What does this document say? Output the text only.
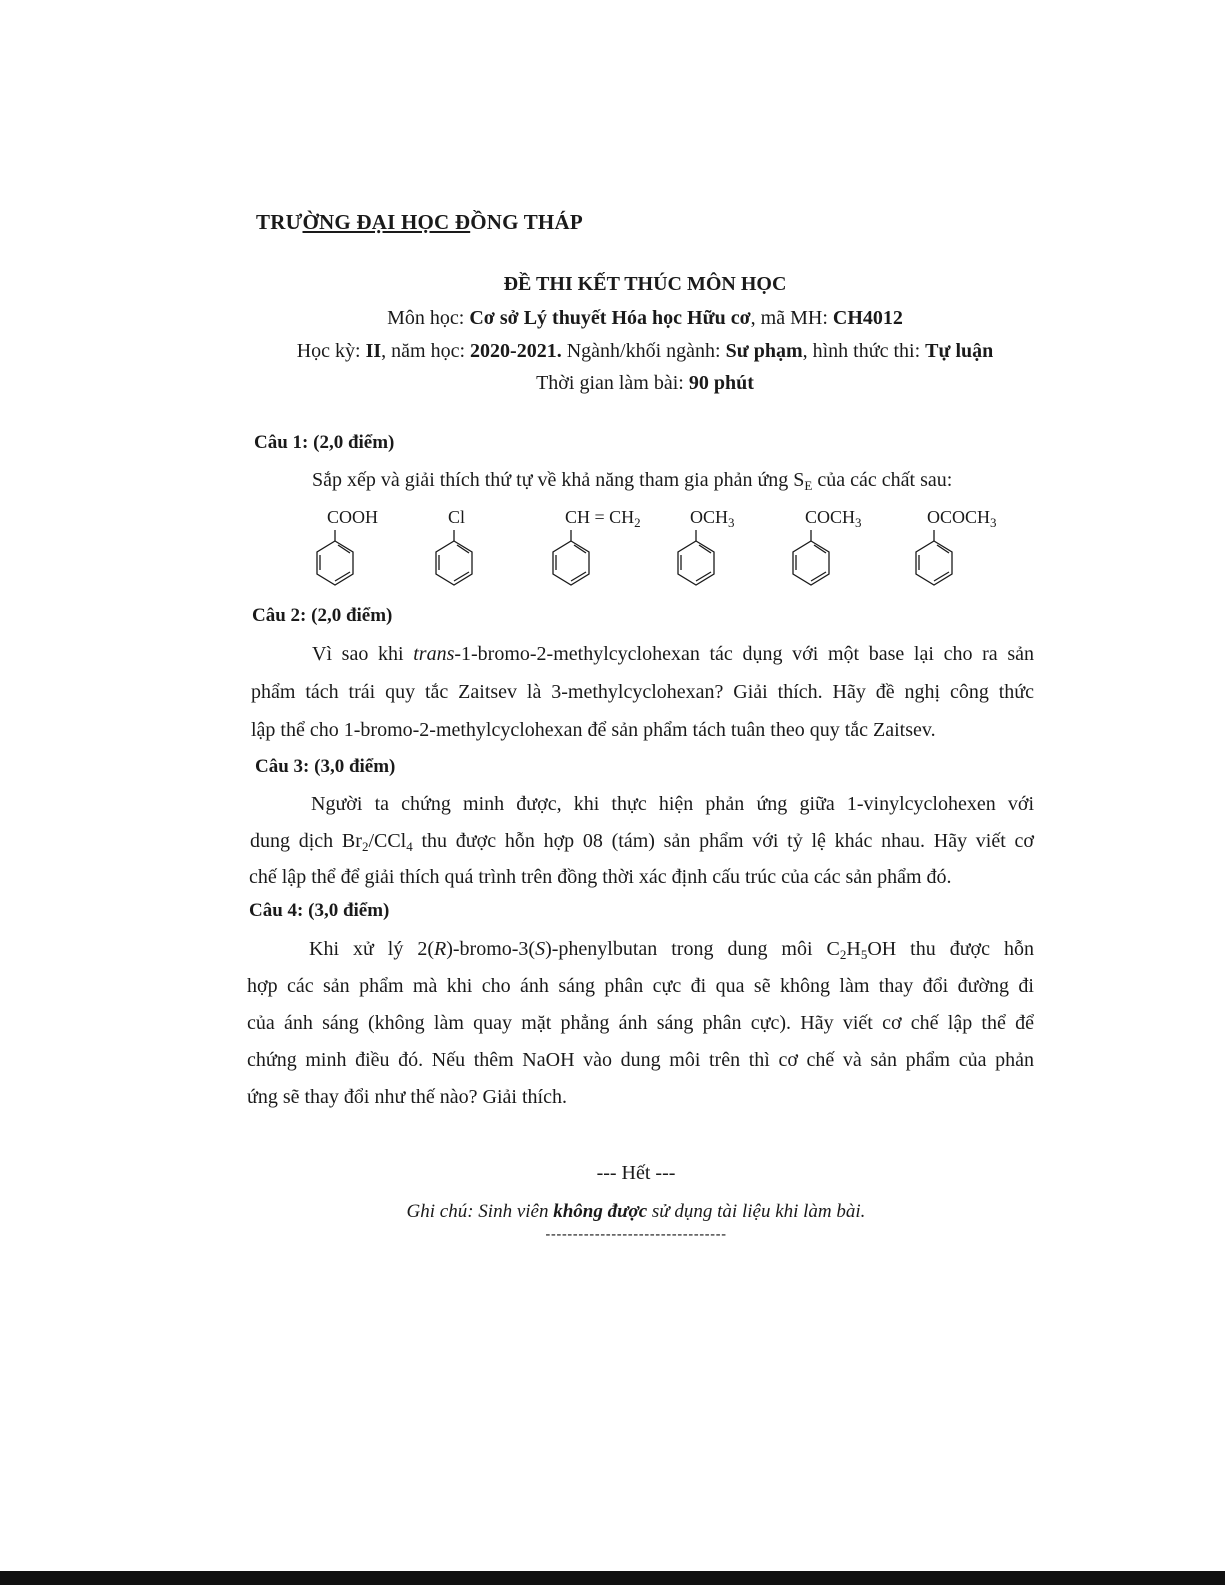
TRƯỜNG ĐẠI HỌC ĐỒNG THÁP
ĐỀ THI KẾT THÚC MÔN HỌC
Môn học: Cơ sở Lý thuyết Hóa học Hữu cơ, mã MH: CH4012
Học kỳ: II, năm học: 2020-2021. Ngành/khối ngành: Sư phạm, hình thức thi: Tự luận
Thời gian làm bài: 90 phút
Câu 1: (2,0 điểm)
Sắp xếp và giải thích thứ tự về khả năng tham gia phản ứng $S_E$ của các chất sau:
COOH	Cl	CH = $CH_2$	$OCH_3$	$COCH_3$	$OCOCH_3$
Câu 2: (2,0 điểm)
Vì sao khi trans-1-bromo-2-methylcyclohexan tác dụng với một base lại cho ra sản
phẩm tách trái quy tắc Zaitsev là 3-methylcyclohexan? Giải thích. Hãy đề nghị công thức
lập thể cho 1-bromo-2-methylcyclohexan để sản phẩm tách tuân theo quy tắc Zaitsev.
Câu 3: (3,0 điểm)
Người ta chứng minh được, khi thực hiện phản ứng giữa 1-vinylcyclohexen với
dung dịch $Br_2/CCl_4$ thu được hỗn hợp 08 (tám) sản phẩm với tỷ lệ khác nhau. Hãy viết cơ
chế lập thể để giải thích quá trình trên đồng thời xác định cấu trúc của các sản phẩm đó.
Câu 4: (3,0 điểm)
Khi xử lý 2(R)-bromo-3(S)-phenylbutan trong dung môi $C_2H_5OH$ thu được hỗn
hợp các sản phẩm mà khi cho ánh sáng phân cực đi qua sẽ không làm thay đổi đường đi
của ánh sáng (không làm quay mặt phẳng ánh sáng phân cực). Hãy viết cơ chế lập thể để
chứng minh điều đó. Nếu thêm NaOH vào dung môi trên thì cơ chế và sản phẩm của phản
ứng sẽ thay đổi như thế nào? Giải thích.
--- Hết ---
Ghi chú: Sinh viên không được sử dụng tài liệu khi làm bài.
---------------------------------
